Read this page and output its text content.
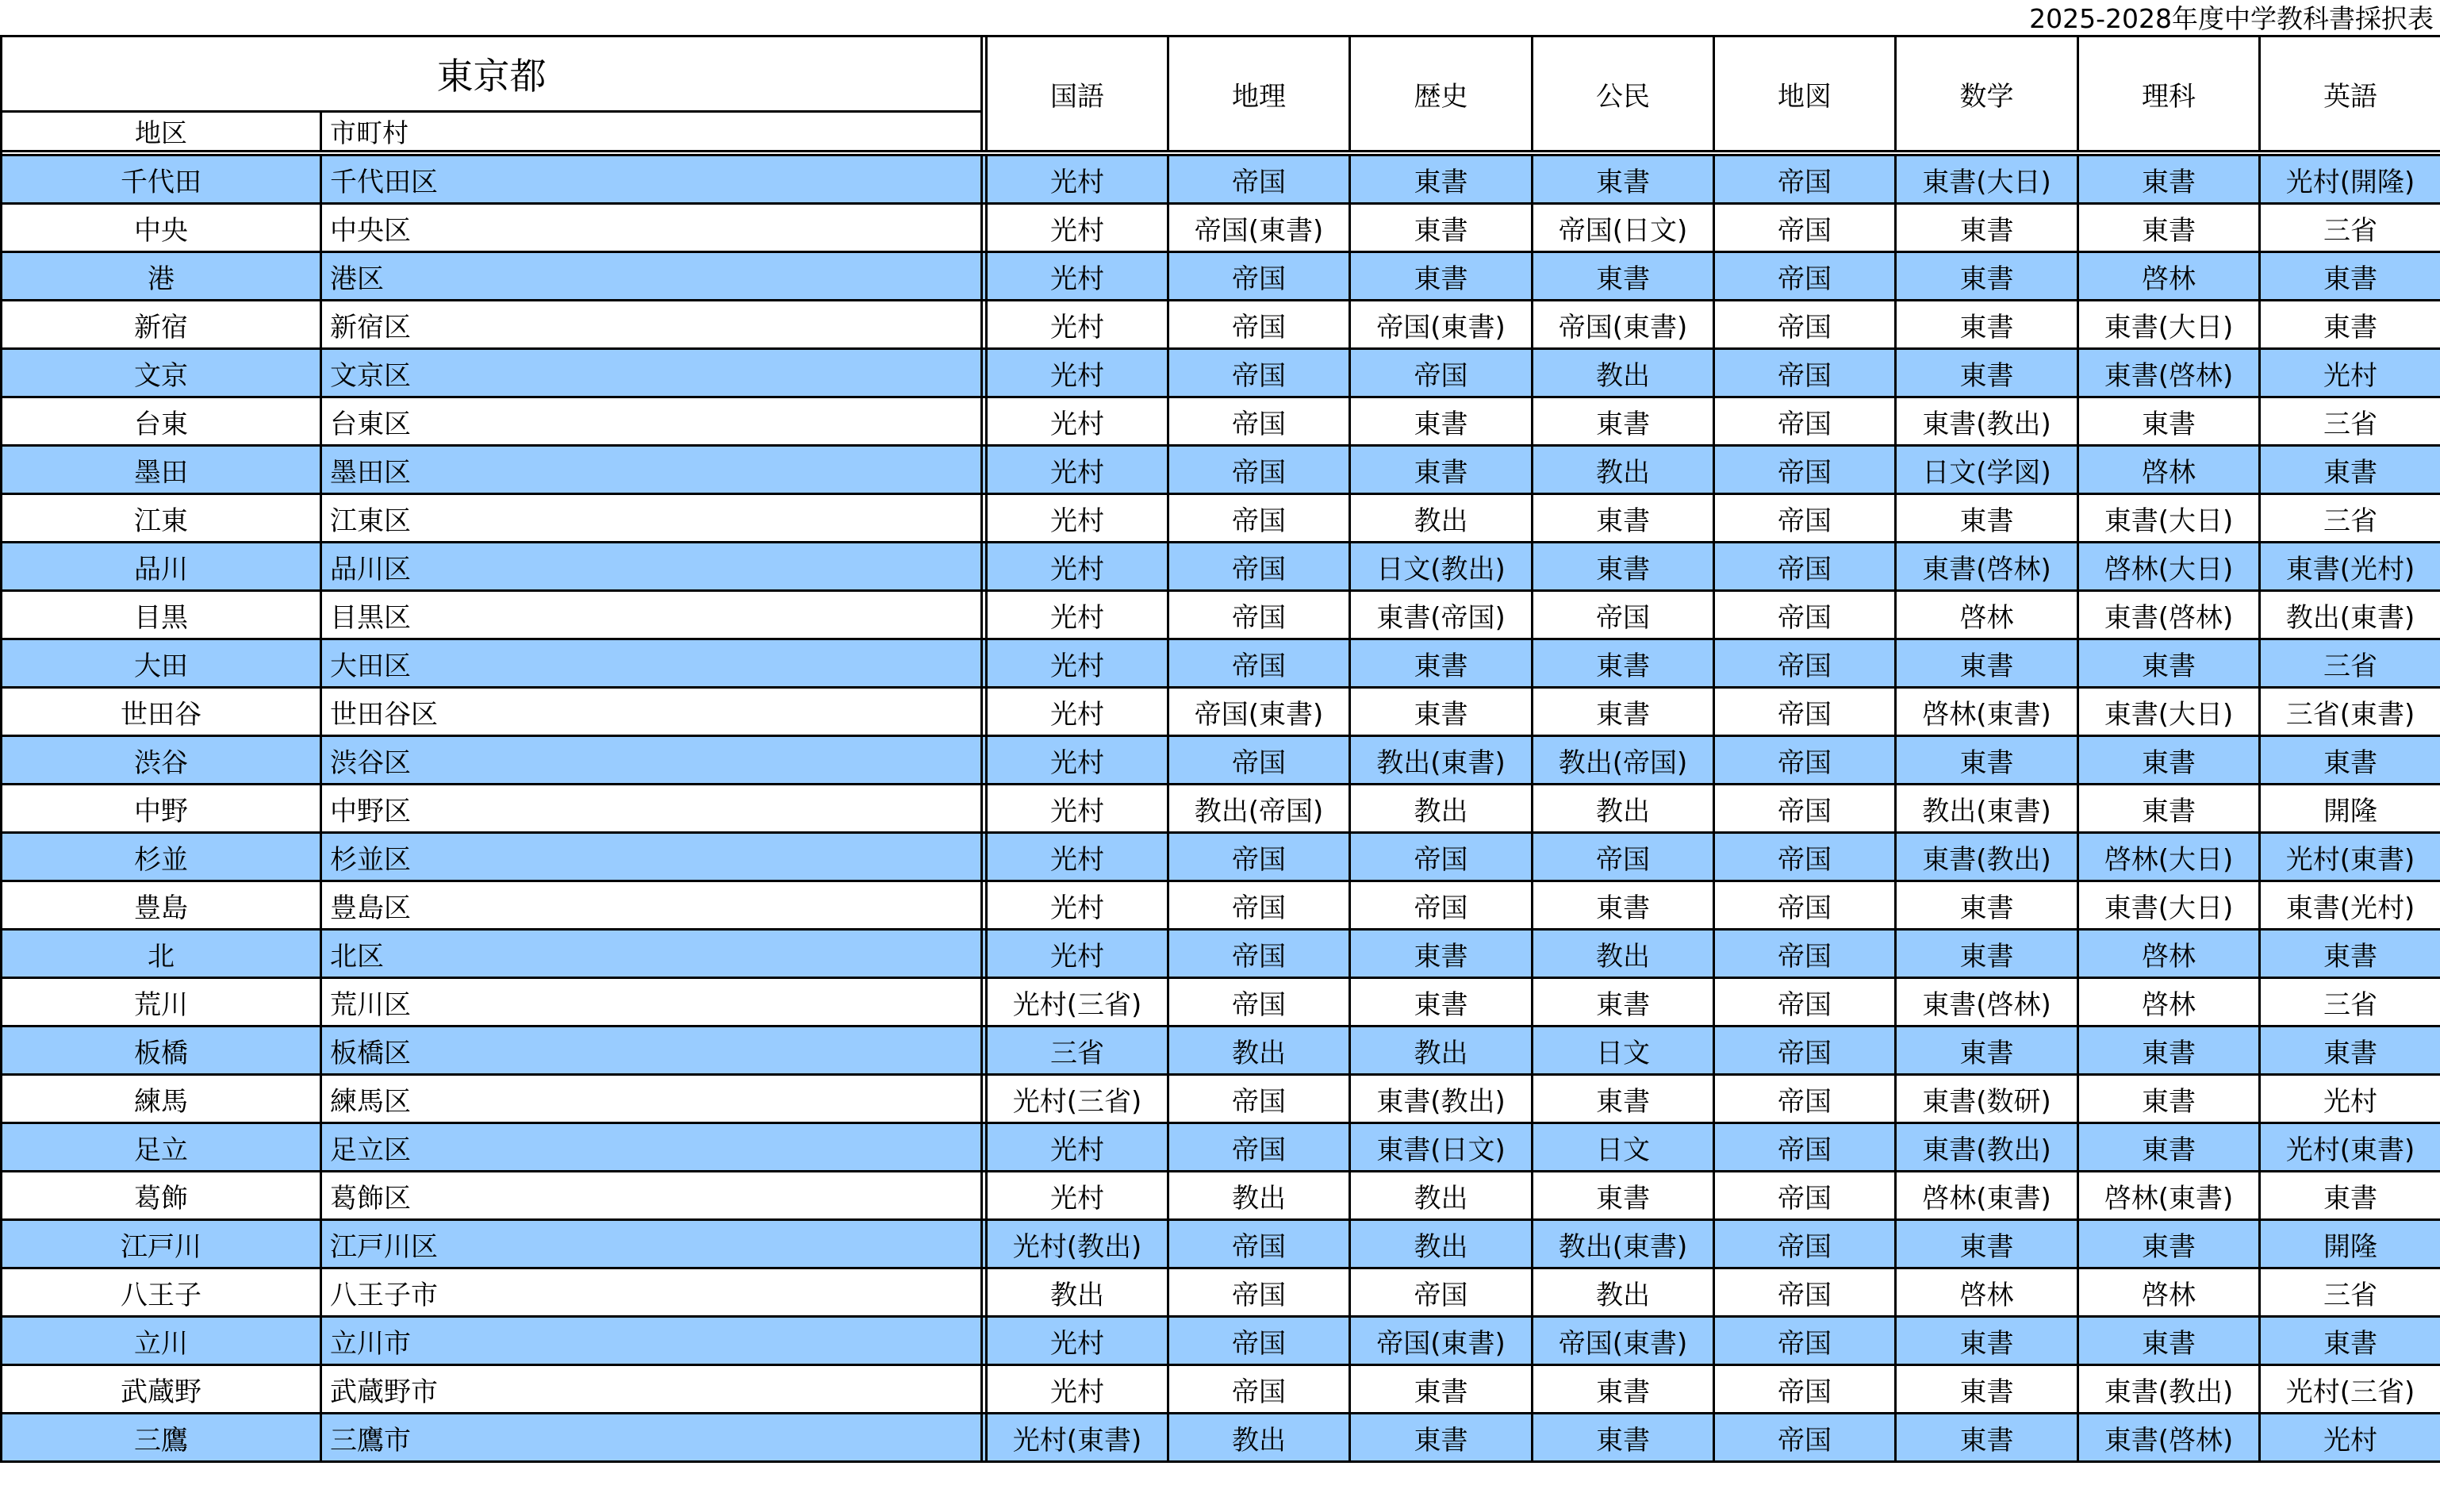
2025-2028年度中学教科書採択表
東京都			国語	地理	歴史	公民	地図	数学	理科	英語
地区	市町村									

千代田	千代田区		光村	帝国	東書	東書	帝国	東書(大日)	東書	光村(開隆)
中央	中央区		光村	帝国(東書)	東書	帝国(日文)	帝国	東書	東書	三省
港	港区		光村	帝国	東書	東書	帝国	東書	啓林	東書
新宿	新宿区		光村	帝国	帝国(東書)	帝国(東書)	帝国	東書	東書(大日)	東書
文京	文京区		光村	帝国	帝国	教出	帝国	東書	東書(啓林)	光村
台東	台東区		光村	帝国	東書	東書	帝国	東書(教出)	東書	三省
墨田	墨田区		光村	帝国	東書	教出	帝国	日文(学図)	啓林	東書
江東	江東区		光村	帝国	教出	東書	帝国	東書	東書(大日)	三省
品川	品川区		光村	帝国	日文(教出)	東書	帝国	東書(啓林)	啓林(大日)	東書(光村)
目黒	目黒区		光村	帝国	東書(帝国)	帝国	帝国	啓林	東書(啓林)	教出(東書)
大田	大田区		光村	帝国	東書	東書	帝国	東書	東書	三省
世田谷	世田谷区		光村	帝国(東書)	東書	東書	帝国	啓林(東書)	東書(大日)	三省(東書)
渋谷	渋谷区		光村	帝国	教出(東書)	教出(帝国)	帝国	東書	東書	東書
中野	中野区		光村	教出(帝国)	教出	教出	帝国	教出(東書)	東書	開隆
杉並	杉並区		光村	帝国	帝国	帝国	帝国	東書(教出)	啓林(大日)	光村(東書)
豊島	豊島区		光村	帝国	帝国	東書	帝国	東書	東書(大日)	東書(光村)
北	北区		光村	帝国	東書	教出	帝国	東書	啓林	東書
荒川	荒川区		光村(三省)	帝国	東書	東書	帝国	東書(啓林)	啓林	三省
板橋	板橋区		三省	教出	教出	日文	帝国	東書	東書	東書
練馬	練馬区		光村(三省)	帝国	東書(教出)	東書	帝国	東書(数研)	東書	光村
足立	足立区		光村	帝国	東書(日文)	日文	帝国	東書(教出)	東書	光村(東書)
葛飾	葛飾区		光村	教出	教出	東書	帝国	啓林(東書)	啓林(東書)	東書
江戸川	江戸川区		光村(教出)	帝国	教出	教出(東書)	帝国	東書	東書	開隆
八王子	八王子市		教出	帝国	帝国	教出	帝国	啓林	啓林	三省
立川	立川市		光村	帝国	帝国(東書)	帝国(東書)	帝国	東書	東書	東書
武蔵野	武蔵野市		光村	帝国	東書	東書	帝国	東書	東書(教出)	光村(三省)
三鷹	三鷹市		光村(東書)	教出	東書	東書	帝国	東書	東書(啓林)	光村
